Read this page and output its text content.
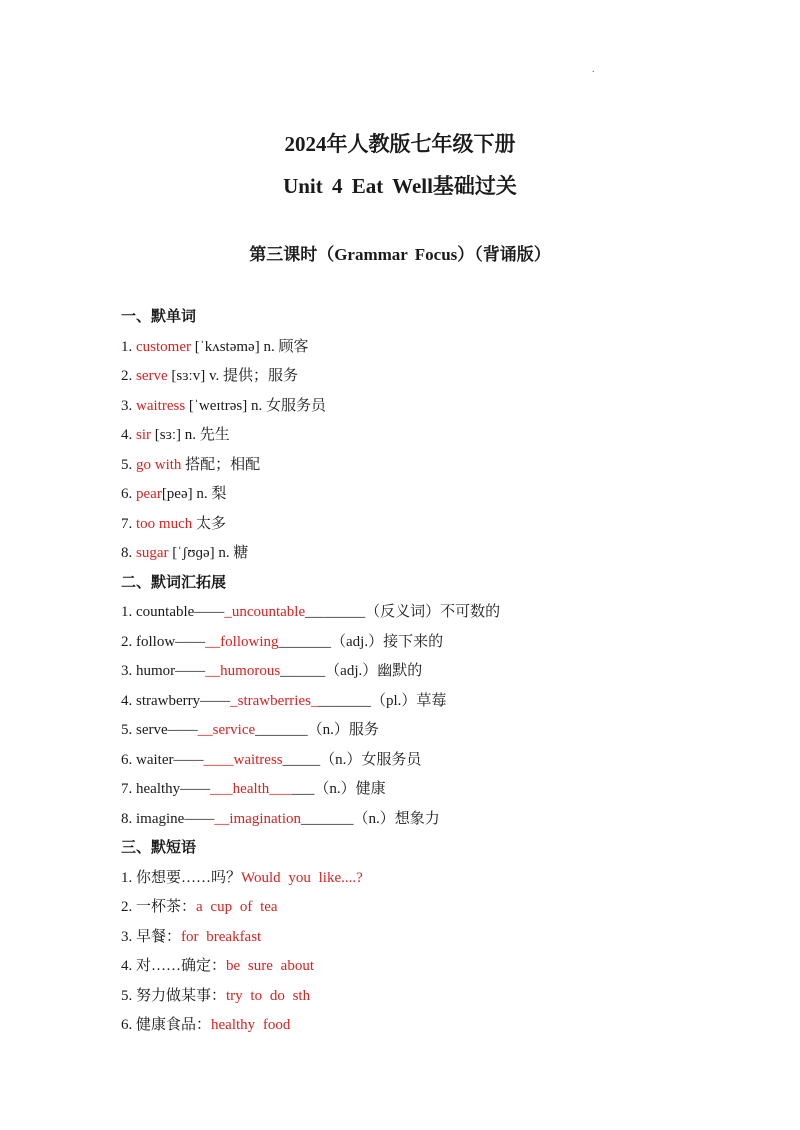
.
2024年人教版七年级下册
Unit 4 Eat Well基础过关
第三课时（Grammar Focus）（背诵版）
一、默单词
1. customer [ˈkʌstəmə] n. 顾客
2. serve [sɜːv] v. 提供；服务
3. waitress [ˈweɪtrəs] n. 女服务员
4. sir [sɜː] n. 先生
5. go with 搭配；相配
6. pear[peə] n. 梨
7. too much 太多
8. sugar [ˈʃʊɡə] n. 糖
二、默词汇拓展
1. countable——_uncountable________（反义词）不可数的
2. follow——__following_______（adj.）接下来的
3. humor——__humorous______（adj.）幽默的
4. strawberry——_strawberries________（pl.）草莓
5. serve——__service_______（n.）服务
6. waiter——____waitress_____（n.）女服务员
7. healthy——___health______（n.）健康
8. imagine——__imagination_______（n.）想象力
三、默短语
1. 你想要……吗？Would you like....?
2. 一杯茶：a cup of tea
3. 早餐：for breakfast
4. 对……确定：be sure about
5. 努力做某事：try to do sth
6. 健康食品：healthy food
